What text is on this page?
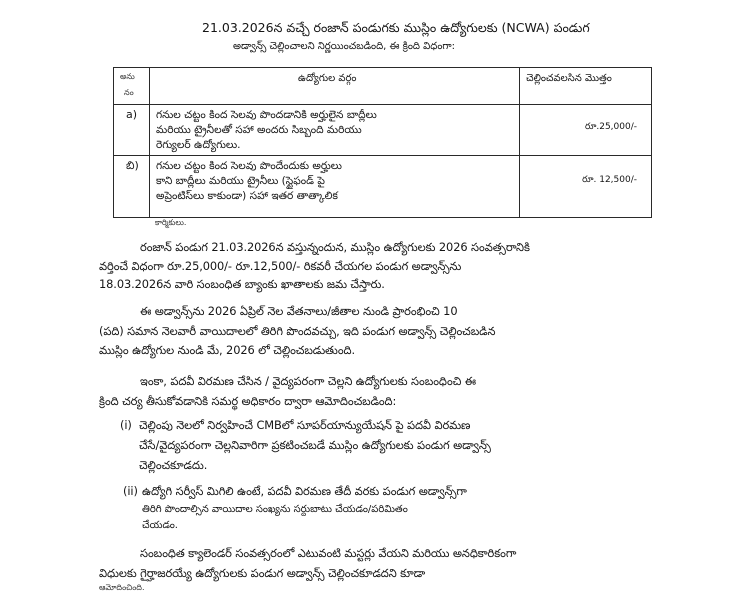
21.03.2026న వచ్చే రంజాన్ పండుగకు ముస్లిం ఉద్యోగులకు (NCWA) పండుగ
అడ్వాన్స్ చెల్లించాలని నిర్ణయించబడింది, ఈ క్రింది విధంగా:
అను
నం	ఉద్యోగుల వర్గం	చెల్లించవలసిన మొత్తం

a)	గనుల చట్టం కింద సెలవు పొందడానికి అర్హులైన బాద్లీలు
మరియు ట్రైనీలతో సహా అందరు సిబ్బంది మరియు
రెగ్యులర్ ఉద్యోగులు.	రూ.25,000/-

బి)	గనుల చట్టం కింద సెలవు పొందేందుకు అర్హులు
కాని బాద్లీలు మరియు ట్రైనీలు (స్టైఫండ్ పై
అప్రెంటిస్‌లు కాకుండా) సహా ఇతర తాత్కాలిక	రూ. 12,500/-
కార్మికులు.
రంజాన్ పండుగ 21.03.2026న వస్తున్నందున, ముస్లిం ఉద్యోగులకు 2026 సంవత్సరానికి
వర్తించే విధంగా రూ.25,000/- రూ.12,500/- రికవరీ చేయగల పండుగ అడ్వాన్స్‌ను
18.03.2026న వారి సంబంధిత బ్యాంకు ఖాతాలకు జమ చేస్తారు.
ఈ అడ్వాన్స్‌ను 2026 ఏప్రిల్ నెల వేతనాలు/జీతాల నుండి ప్రారంభించి 10
(పది) సమాన నెలవారీ వాయిదాలలో తిరిగి పొందవచ్చు, ఇది పండుగ అడ్వాన్స్ చెల్లించబడిన
ముస్లిం ఉద్యోగుల నుండి మే, 2026 లో చెల్లించబడుతుంది.
ఇంకా, పదవీ విరమణ చేసిన / వైద్యపరంగా చెల్లని ఉద్యోగులకు సంబంధించి ఈ
క్రింది చర్య తీసుకోవడానికి సమర్థ అధికారం ద్వారా ఆమోదించబడింది:
(i) చెల్లింపు నెలలో నిర్వహించే CMBలో సూపర్‌యాన్యుయేషన్ పై పదవీ విరమణ
చేసే/వైద్యపరంగా చెల్లనివారిగా ప్రకటించబడే ముస్లిం ఉద్యోగులకు పండుగ అడ్వాన్స్
చెల్లించకూడదు.
(ii) ఉద్యోగి సర్వీస్ మిగిలి ఉంటే, పదవీ విరమణ తేదీ వరకు పండుగ అడ్వాన్స్‌గా
తిరిగి పొందాల్సిన వాయిదాల సంఖ్యను సర్దుబాటు చేయడం/పరిమితం
చేయడం.
సంబంధిత క్యాలెండర్ సంవత్సరంలో ఎటువంటి మస్టర్లు వేయని మరియు అనధికారికంగా
విధులకు గైర్హాజరయ్యే ఉద్యోగులకు పండుగ అడ్వాన్స్ చెల్లించకూడదని కూడా
ఆమోదించింది.
